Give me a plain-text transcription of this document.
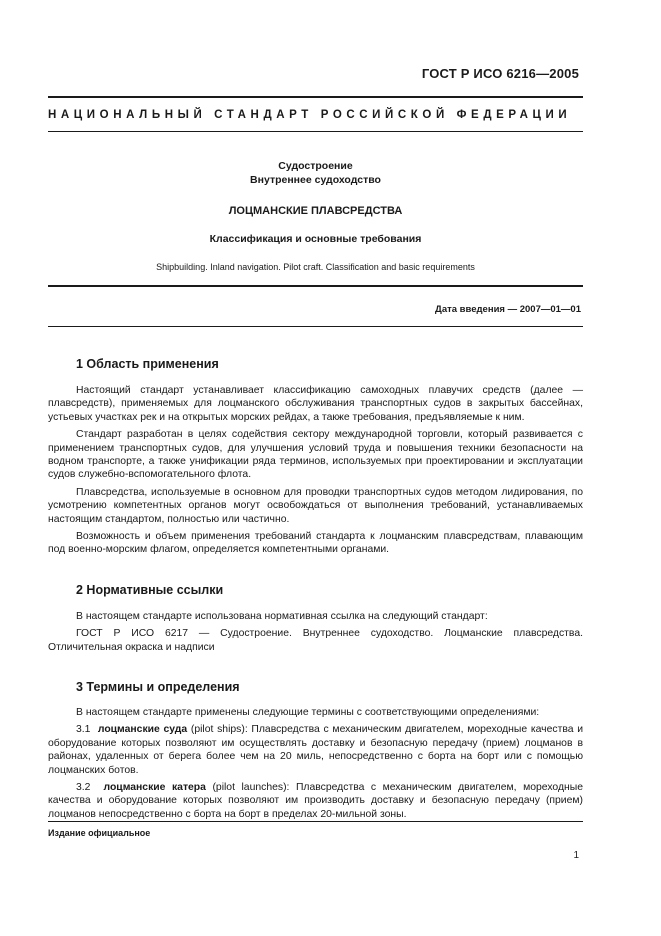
ГОСТ Р ИСО 6216—2005
НАЦИОНАЛЬНЫЙ СТАНДАРТ РОССИЙСКОЙ ФЕДЕРАЦИИ
Судостроение
Внутреннее судоходство
ЛОЦМАНСКИЕ ПЛАВСРЕДСТВА
Классификация и основные требования
Shipbuilding. Inland navigation. Pilot craft. Classification and basic requirements
Дата введения — 2007—01—01
1 Область применения

Настоящий стандарт устанавливает классификацию самоходных плавучих средств (далее — плавсредств), применяемых для лоцманского обслуживания транспортных судов в закрытых бассейнах, устьевых участках рек и на открытых морских рейдах, а также требования, предъявляемые к ним.

Стандарт разработан в целях содействия сектору международной торговли, который развивается с применением транспортных судов, для улучшения условий труда и повышения техники безопасности на водном транспорте, а также унификации ряда терминов, используемых при проектировании и эксплуатации судов служебно-вспомогательного флота.

Плавсредства, используемые в основном для проводки транспортных судов методом лидирования, по усмотрению компетентных органов могут освобождаться от выполнения требований, устанавливаемых настоящим стандартом, полностью или частично.

Возможность и объем применения требований стандарта к лоцманским плавсредствам, плавающим под военно-морским флагом, определяется компетентными органами.

2 Нормативные ссылки

В настоящем стандарте использована нормативная ссылка на следующий стандарт:

ГОСТ Р ИСО 6217 — Судостроение. Внутреннее судоходство. Лоцманские плавсредства. Отличительная окраска и надписи

3 Термины и определения

В настоящем стандарте применены следующие термины с соответствующими определениями:

3.1 лоцманские суда (pilot ships): Плавсредства с механическим двигателем, мореходные качества и оборудование которых позволяют им осуществлять доставку и безопасную передачу (прием) лоцманов в районах, удаленных от берега более чем на 20 миль, непосредственно с борта на борт или с помощью лоцманских ботов.

3.2 лоцманские катера (pilot launches): Плавсредства с механическим двигателем, мореходные качества и оборудование которых позволяют им производить доставку и безопасную передачу (прием) лоцманов непосредственно с борта на борт в пределах 20-мильной зоны.

Издание официальное
1
